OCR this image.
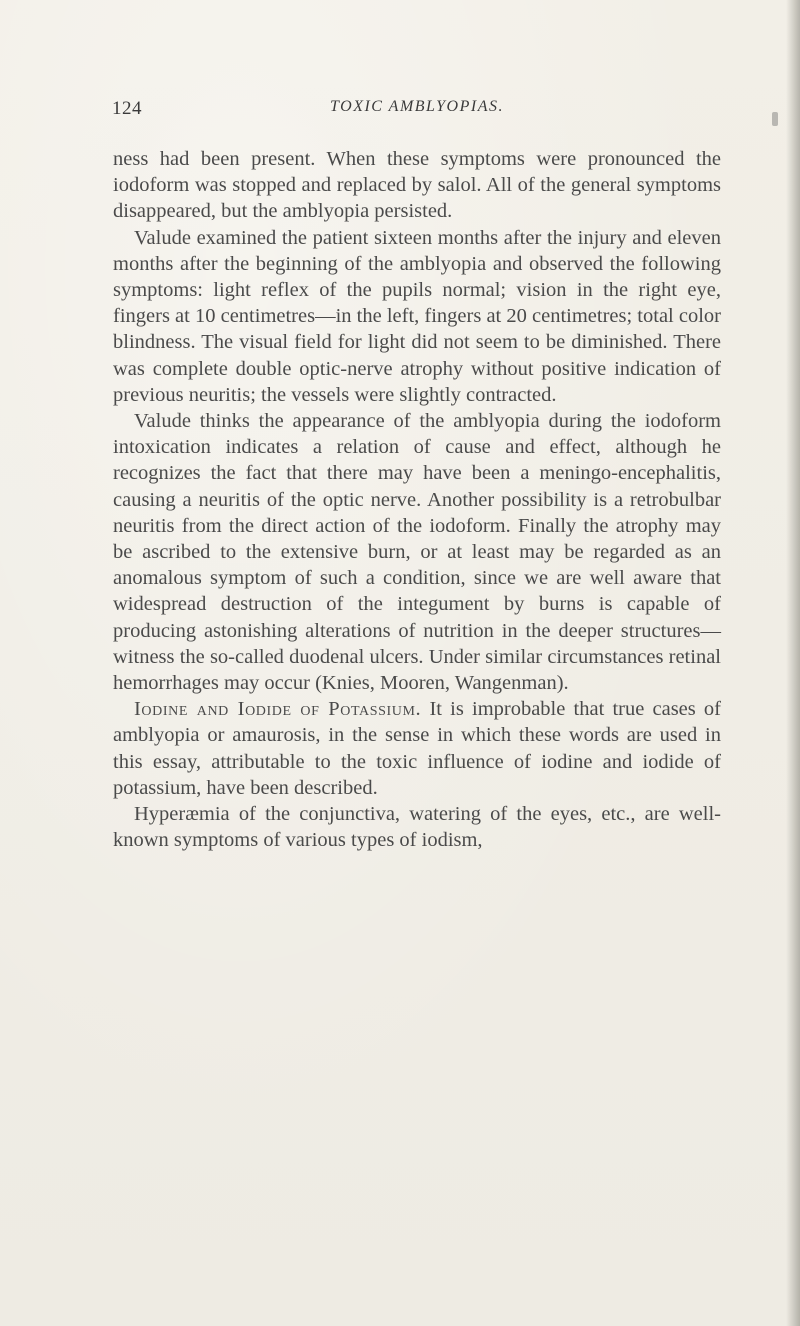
124	TOXIC AMBLYOPIAS.

ness had been present. When these symptoms were pronounced the iodoform was stopped and replaced by salol. All of the general symptoms disappeared, but the amblyopia persisted.

Valude examined the patient sixteen months after the injury and eleven months after the beginning of the amblyopia and observed the following symptoms: light reflex of the pupils normal; vision in the right eye, fingers at 10 centimetres—in the left, fingers at 20 centimetres; total color blindness. The visual field for light did not seem to be diminished. There was complete double optic-nerve atrophy without positive indication of previous neuritis; the vessels were slightly contracted.

Valude thinks the appearance of the amblyopia during the iodoform intoxication indicates a relation of cause and effect, although he recognizes the fact that there may have been a meningo-encephalitis, causing a neuritis of the optic nerve. Another possibility is a retrobulbar neuritis from the direct action of the iodoform. Finally the atrophy may be ascribed to the extensive burn, or at least may be regarded as an anomalous symptom of such a condition, since we are well aware that widespread destruction of the integument by burns is capable of producing astonishing alterations of nutrition in the deeper structures—witness the so-called duodenal ulcers. Under similar circumstances retinal hemorrhages may occur (Knies, Mooren, Wangenman).

Iodine and Iodide of Potassium. It is improbable that true cases of amblyopia or amaurosis, in the sense in which these words are used in this essay, attributable to the toxic influence of iodine and iodide of potassium, have been described.

Hyperæmia of the conjunctiva, watering of the eyes, etc., are well-known symptoms of various types of iodism,
